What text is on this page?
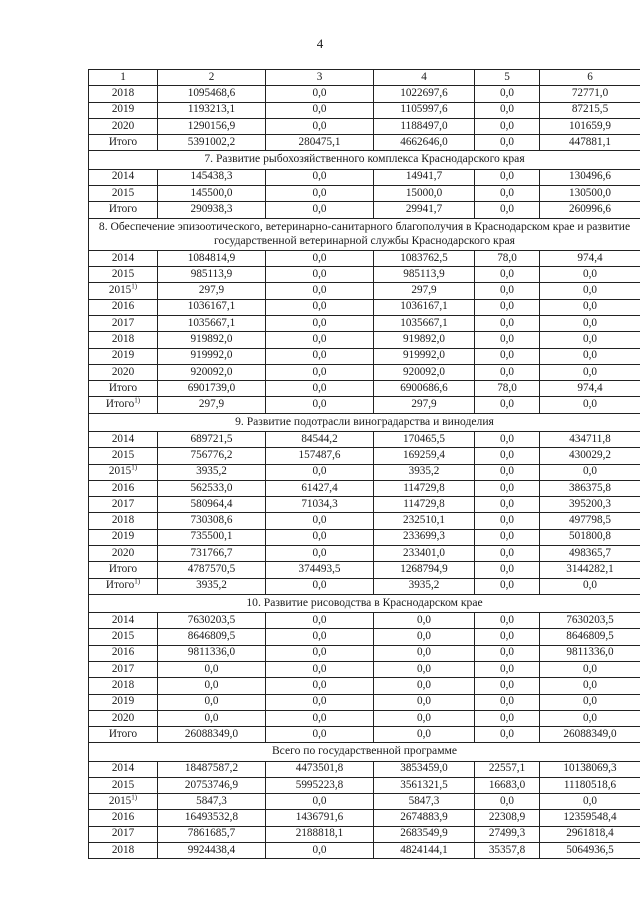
4
1	2	3	4	5	6
2018	1095468,6	0,0	1022697,6	0,0	72771,0
2019	1193213,1	0,0	1105997,6	0,0	87215,5
2020	1290156,9	0,0	1188497,0	0,0	101659,9
Итого	5391002,2	280475,1	4662646,0	0,0	447881,1
7. Развитие рыбохозяйственного комплекса Краснодарского края					
2014	145438,3	0,0	14941,7	0,0	130496,6
2015	145500,0	0,0	15000,0	0,0	130500,0
Итого	290938,3	0,0	29941,7	0,0	260996,6
8. Обеспечение эпизоотического, ветеринарно-санитарного благополучия в Краснодарском крае и развитие государственной ветеринарной службы Краснодарского края					
2014	1084814,9	0,0	1083762,5	78,0	974,4
2015	985113,9	0,0	985113,9	0,0	0,0
2015$^{1)}$	297,9	0,0	297,9	0,0	0,0
2016	1036167,1	0,0	1036167,1	0,0	0,0
2017	1035667,1	0,0	1035667,1	0,0	0,0
2018	919892,0	0,0	919892,0	0,0	0,0
2019	919992,0	0,0	919992,0	0,0	0,0
2020	920092,0	0,0	920092,0	0,0	0,0
Итого	6901739,0	0,0	6900686,6	78,0	974,4
Итого$^{1)}$	297,9	0,0	297,9	0,0	0,0
9. Развитие подотрасли виноградарства и виноделия					
2014	689721,5	84544,2	170465,5	0,0	434711,8
2015	756776,2	157487,6	169259,4	0,0	430029,2
2015$^{1)}$	3935,2	0,0	3935,2	0,0	0,0
2016	562533,0	61427,4	114729,8	0,0	386375,8
2017	580964,4	71034,3	114729,8	0,0	395200,3
2018	730308,6	0,0	232510,1	0,0	497798,5
2019	735500,1	0,0	233699,3	0,0	501800,8
2020	731766,7	0,0	233401,0	0,0	498365,7
Итого	4787570,5	374493,5	1268794,9	0,0	3144282,1
Итого$^{1)}$	3935,2	0,0	3935,2	0,0	0,0
10. Развитие рисоводства в Краснодарском крае					
2014	7630203,5	0,0	0,0	0,0	7630203,5
2015	8646809,5	0,0	0,0	0,0	8646809,5
2016	9811336,0	0,0	0,0	0,0	9811336,0
2017	0,0	0,0	0,0	0,0	0,0
2018	0,0	0,0	0,0	0,0	0,0
2019	0,0	0,0	0,0	0,0	0,0
2020	0,0	0,0	0,0	0,0	0,0
Итого	26088349,0	0,0	0,0	0,0	26088349,0
Всего по государственной программе					
2014	18487587,2	4473501,8	3853459,0	22557,1	10138069,3
2015	20753746,9	5995223,8	3561321,5	16683,0	11180518,6
2015$^{1)}$	5847,3	0,0	5847,3	0,0	0,0
2016	16493532,8	1436791,6	2674883,9	22308,9	12359548,4
2017	7861685,7	2188818,1	2683549,9	27499,3	2961818,4
2018	9924438,4	0,0	4824144,1	35357,8	5064936,5
